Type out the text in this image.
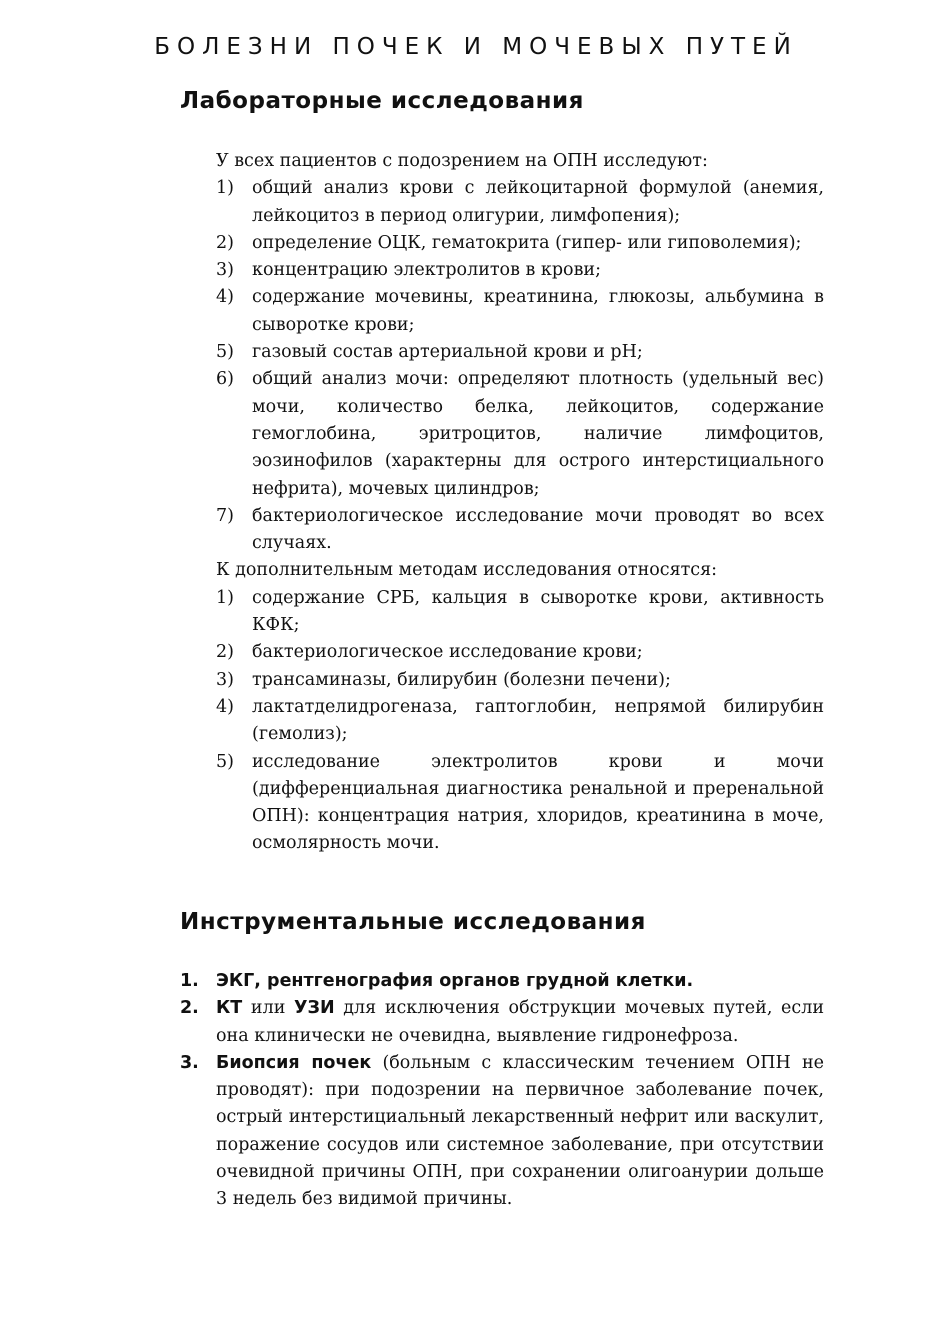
БОЛЕЗНИ ПОЧЕК И МОЧЕВЫХ ПУТЕЙ
Лабораторные исследования

У всех пациентов с подозрением на ОПН исследуют:

1) общий анализ крови с лейкоцитарной формулой (анемия, лейкоцитоз в период олигурии, лимфопения);
2) определение ОЦК, гематокрита (гипер- или гиповолемия);
3) концентрацию электролитов в крови;
4) содержание мочевины, креатинина, глюкозы, альбумина в сыворотке крови;
5) газовый состав артериальной крови и pH;
6) общий анализ мочи: определяют плотность (удельный вес) мочи, количество белка, лейкоцитов, содержание гемоглобина, эритроцитов, наличие лимфоцитов, эозинофилов (характерны для острого интерстициального нефрита), мочевых цилиндров;
7) бактериологическое исследование мочи проводят во всех случаях.

К дополнительным методам исследования относятся:

1) содержание СРБ, кальция в сыворотке крови, активность КФК;
2) бактериологическое исследование крови;
3) трансаминазы, билирубин (болезни печени);
4) лактатделидрогеназа, гаптоглобин, непрямой билирубин (гемолиз);
5) исследование электролитов крови и мочи (дифференциальная диагностика ренальной и преренальной ОПН): концентрация натрия, хлоридов, креатинина в моче, осмолярность мочи.
Инструментальные исследования
1. ЭКГ, рентгенография органов грудной клетки.
2. КТ или УЗИ для исключения обструкции мочевых путей, если она клинически не очевидна, выявление гидронефроза.
3. Биопсия почек (больным с классическим течением ОПН не проводят): при подозрении на первичное заболевание почек, острый интерстициальный лекарственный нефрит или васкулит, поражение сосудов или системное заболевание, при отсутствии очевидной причины ОПН, при сохранении олигоанурии дольше 3 недель без видимой причины.
